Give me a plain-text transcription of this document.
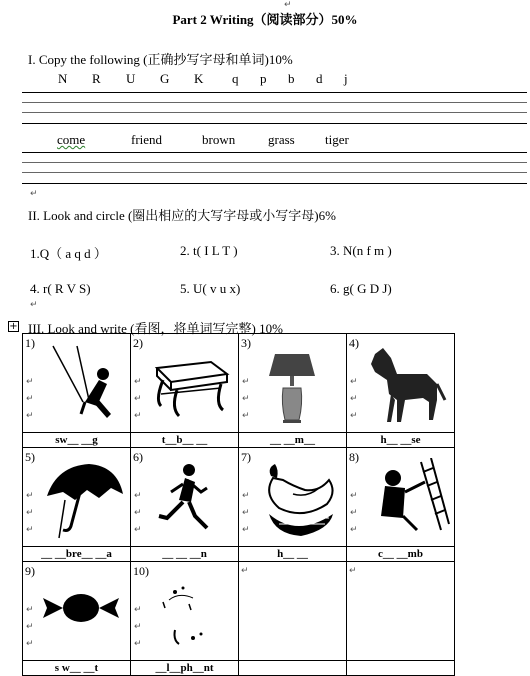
Part 2 Writing（阅读部分）50%
↵
I. Copy the following (正确抄写字母和单词)10%
N R U G K q p b d j
come	friend	brown	grass tiger
↵
II. Look and circle (圈出相应的大写字母或小写字母)6%
1.Q（ a q d ）	2. t( I L T )	3. N(n f m )
4. r( R V S)	5. U( v u x)	6. g( G D J)
↵
+ III. Look and write (看图，将单词写完整) 10%
1)
↵
↵
↵	2)
↵
↵
↵	3)
↵
↵
↵	4)
↵
↵
↵

sw__ __g	t__b__ __	__ __m__	h__ __se

5)
↵
↵
↵	6)
↵
↵
↵	7)
↵
↵
↵	8)
↵
↵
↵

__ __bre__ __a	__ __ __n	h__ __	c__ __mb

9)
↵
↵
↵	10)
↵
↵
↵	↵	↵

s w__ __t	__l__ph__nt		
